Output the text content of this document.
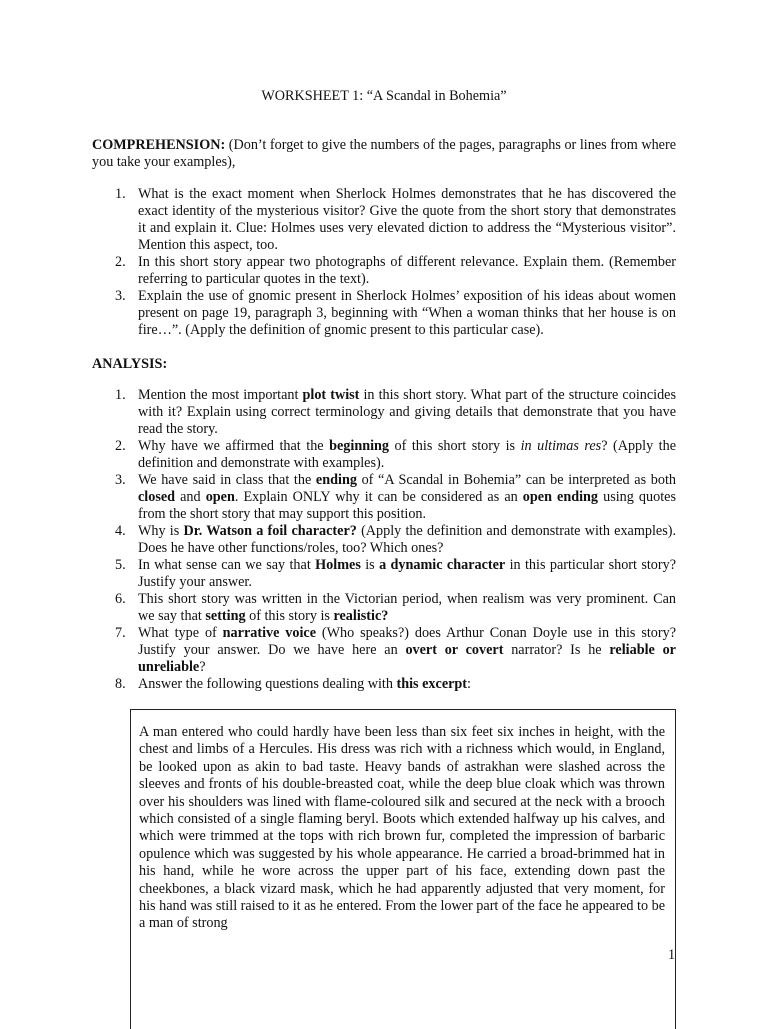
WORKSHEET 1: “A Scandal in Bohemia”
COMPREHENSION: (Don’t forget to give the numbers of the pages, paragraphs or lines from where you take your examples),
1. What is the exact moment when Sherlock Holmes demonstrates that he has discovered the exact identity of the mysterious visitor? Give the quote from the short story that demonstrates it and explain it. Clue: Holmes uses very elevated diction to address the “Mysterious visitor”. Mention this aspect, too.
2. In this short story appear two photographs of different relevance. Explain them. (Remember referring to particular quotes in the text).
3. Explain the use of gnomic present in Sherlock Holmes’ exposition of his ideas about women present on page 19, paragraph 3, beginning with “When a woman thinks that her house is on fire…”. (Apply the definition of gnomic present to this particular case).
ANALYSIS:
1. Mention the most important plot twist in this short story. What part of the structure coincides with it? Explain using correct terminology and giving details that demonstrate that you have read the story.
2. Why have we affirmed that the beginning of this short story is in ultimas res? (Apply the definition and demonstrate with examples).
3. We have said in class that the ending of “A Scandal in Bohemia” can be interpreted as both closed and open. Explain ONLY why it can be considered as an open ending using quotes from the short story that may support this position.
4. Why is Dr. Watson a foil character? (Apply the definition and demonstrate with examples). Does he have other functions/roles, too? Which ones?
5. In what sense can we say that Holmes is a dynamic character in this particular short story? Justify your answer.
6. This short story was written in the Victorian period, when realism was very prominent. Can we say that setting of this story is realistic?
7. What type of narrative voice (Who speaks?) does Arthur Conan Doyle use in this story? Justify your answer. Do we have here an overt or covert narrator? Is he reliable or unreliable?
8. Answer the following questions dealing with this excerpt:
A man entered who could hardly have been less than six feet six inches in height, with the chest and limbs of a Hercules. His dress was rich with a richness which would, in England, be looked upon as akin to bad taste. Heavy bands of astrakhan were slashed across the sleeves and fronts of his double-breasted coat, while the deep blue cloak which was thrown over his shoulders was lined with flame-coloured silk and secured at the neck with a brooch which consisted of a single flaming beryl. Boots which extended halfway up his calves, and which were trimmed at the tops with rich brown fur, completed the impression of barbaric opulence which was suggested by his whole appearance. He carried a broad-brimmed hat in his hand, while he wore across the upper part of his face, extending down past the cheekbones, a black vizard mask, which he had apparently adjusted that very moment, for his hand was still raised to it as he entered. From the lower part of the face he appeared to be a man of strong
1
